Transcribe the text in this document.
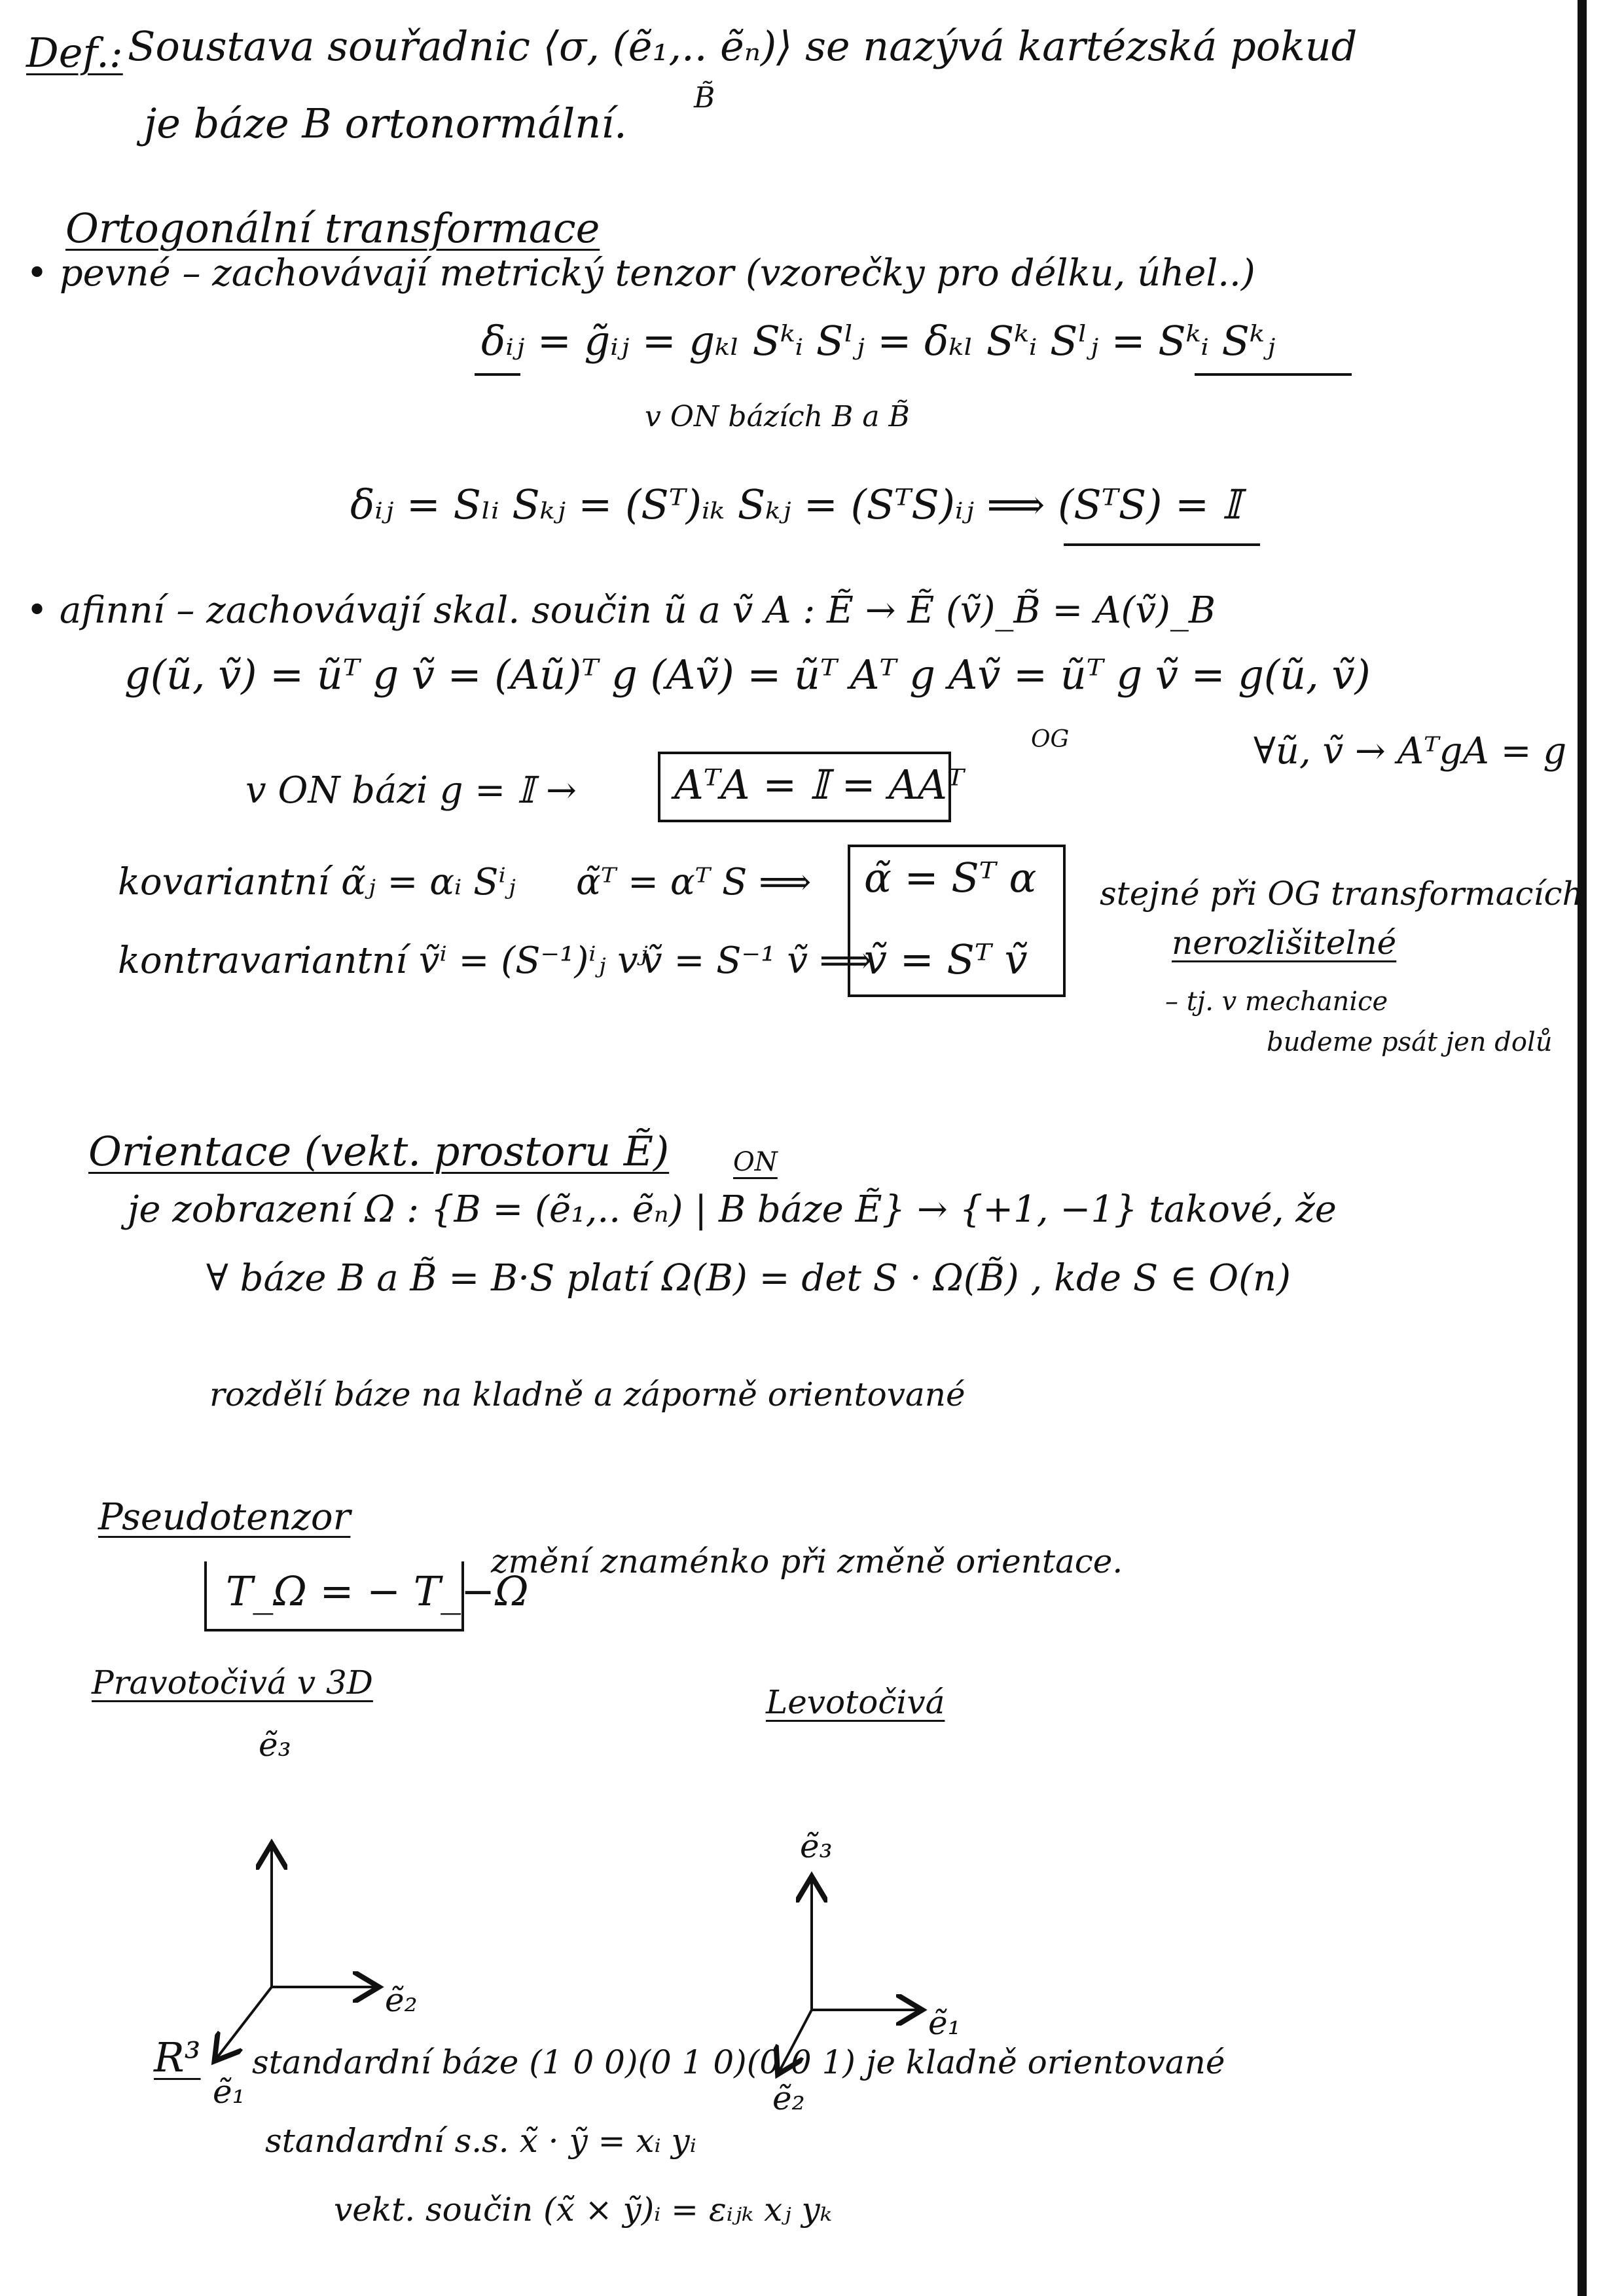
Def.: Soustava souřadnic ⟨σ, (ẽ₁,.. ẽₙ)⟩ se nazývá kartézská pokud
B̃
je báze B ortonormální.
Ortogonální transformace
• pevné – zachovávají metrický tenzor (vzorečky pro délku, úhel..)
δᵢⱼ = g̃ᵢⱼ = gₖₗ Sᵏᵢ Sˡⱼ = δₖₗ Sᵏᵢ Sˡⱼ = Sᵏᵢ Sᵏⱼ
v ON bázích B a B̃
δᵢⱼ = Sₗᵢ Sₖⱼ = (Sᵀ)ᵢₖ Sₖⱼ = (SᵀS)ᵢⱼ ⟹ (SᵀS) = 𝕀
• afinní – zachovávají skal. součin ũ a ṽ A : Ẽ → Ẽ (ṽ)_B̃ = A(ṽ)_B
g(ũ, ṽ) = ũᵀ g ṽ = (Aũ)ᵀ g (Aṽ) = ũᵀ Aᵀ g Aṽ = ũᵀ g ṽ = g(ũ, ṽ)
OG	∀ũ, ṽ → AᵀgA = g
v ON bázi g = 𝕀 → AᵀA = 𝕀 = AAᵀ
kovariantní α̃ⱼ = αᵢ Sⁱⱼ α̃ᵀ = αᵀ S ⟹
kontravariantní ṽⁱ = (S⁻¹)ⁱⱼ vʲ
ṽ = S⁻¹ ṽ ⟹
α̃ = Sᵀ α
ṽ = Sᵀ ṽ
stejné při OG transformacích
nerozlišitelné
– tj. v mechanice
budeme psát jen dolů
Orientace (vekt. prostoru Ẽ) ON
je zobrazení Ω : {B = (ẽ₁,.. ẽₙ) | B báze Ẽ} → {+1, −1} takové, že
∀ báze B a B̃ = B·S platí Ω(B) = det S · Ω(B̃) , kde S ∈ O(n)
rozdělí báze na kladně a záporně orientované
Pseudotenzor
T_Ω = − T_−Ω
změní znaménko při změně orientace.
Pravotočivá v 3D
Levotočivá
ẽ₃
ẽ₂
ẽ₁
ẽ₃
ẽ₁
ẽ₂
R³ standardní báze (1 0 0)(0 1 0)(0 0 1) je kladně orientované
standardní s.s. x̃ · ỹ = xᵢ yᵢ
vekt. součin (x̃ × ỹ)ᵢ = εᵢⱼₖ xⱼ yₖ
